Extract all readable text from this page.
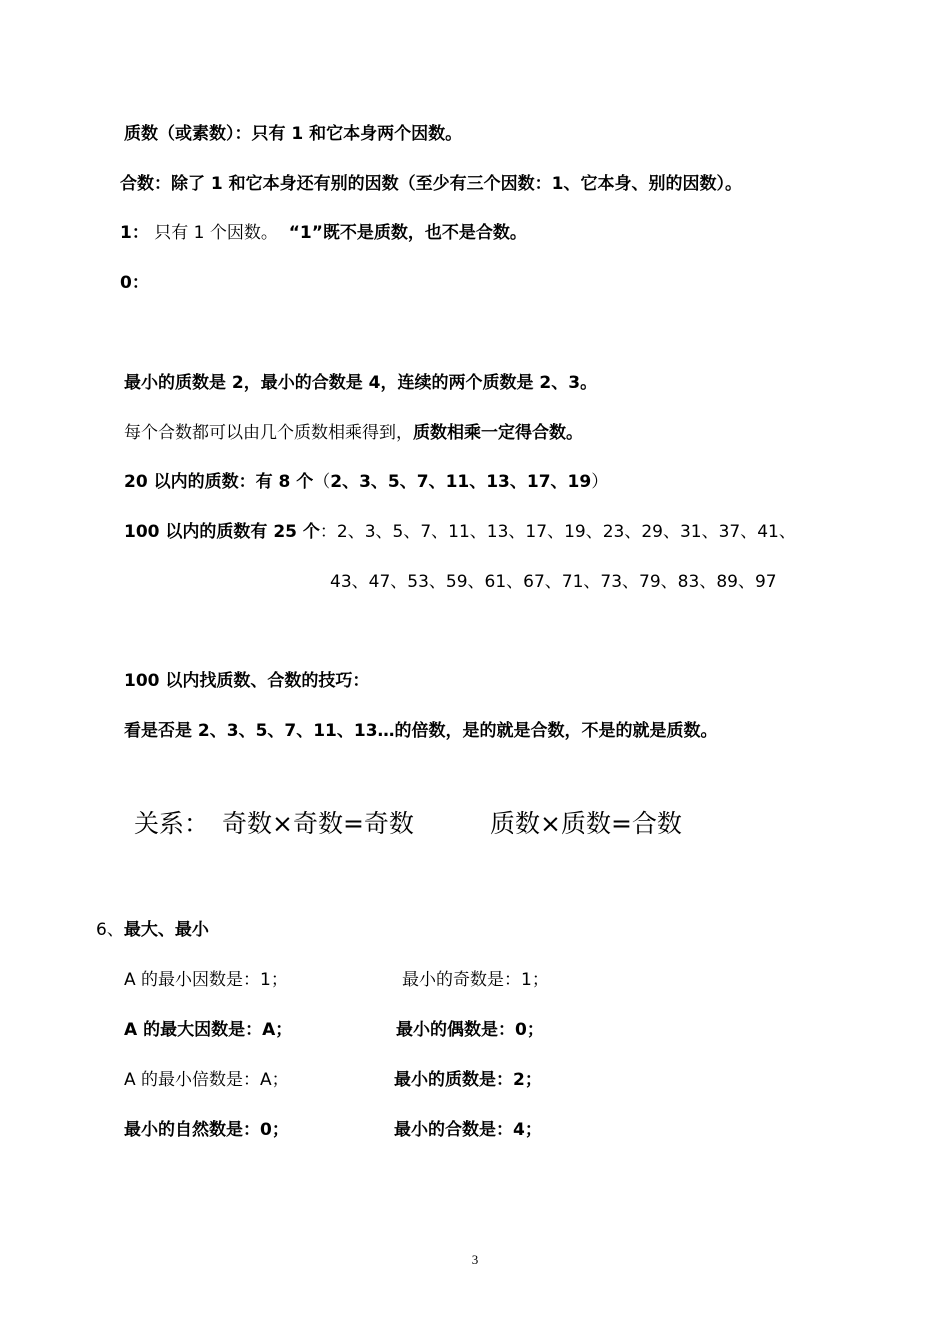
质数（或素数）：只有 1 和它本身两个因数。
合数：除了 1 和它本身还有别的因数（至少有三个因数：1、它本身、别的因数）。
1： 只有 1 个因数。 “1”既不是质数，也不是合数。
0：
最小的质数是 2，最小的合数是 4，连续的两个质数是 2、3。
每个合数都可以由几个质数相乘得到，质数相乘一定得合数。
20 以内的质数：有 8 个（2、3、5、7、11、13、17、19）
100 以内的质数有 25 个：2、3、5、7、11、13、17、19、23、29、31、37、41、
43、47、53、59、61、67、71、73、79、83、89、97
100 以内找质数、合数的技巧：
看是否是 2、3、5、7、11、13…的倍数，是的就是合数，不是的就是质数。
关系： 奇数×奇数=奇数	质数×质数=合数
6、最大、最小
A 的最小因数是：1；	最小的奇数是：1；
A 的最大因数是：A；	最小的偶数是：0；
A 的最小倍数是：A；	最小的质数是：2；
最小的自然数是：0；	最小的合数是：4；
3
